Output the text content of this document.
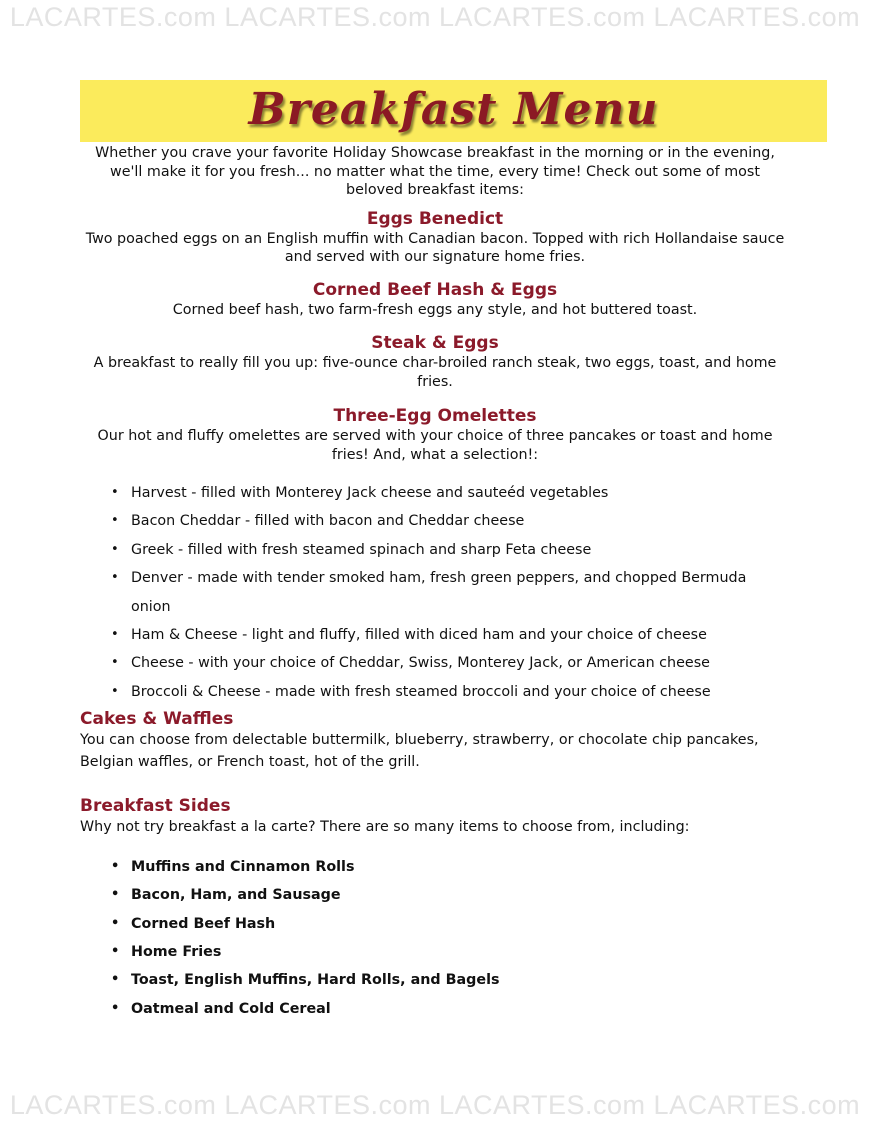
LACARTES.com LACARTES.com LACARTES.com LACARTES.com
Breakfast Menu

Whether you crave your favorite Holiday Showcase breakfast in the morning or in the evening, we'll make it for you fresh... no matter what the time, every time! Check out some of most beloved breakfast items:

Eggs Benedict

Two poached eggs on an English muffin with Canadian bacon. Topped with rich Hollandaise sauce and served with our signature home fries.

Corned Beef Hash & Eggs

Corned beef hash, two farm-fresh eggs any style, and hot buttered toast.

Steak & Eggs

A breakfast to really fill you up: five-ounce char-broiled ranch steak, two eggs, toast, and home fries.

Three-Egg Omelettes

Our hot and fluffy omelettes are served with your choice of three pancakes or toast and home fries! And, what a selection!:

• Harvest - filled with Monterey Jack cheese and sauteéd vegetables
• Bacon Cheddar - filled with bacon and Cheddar cheese
• Greek - filled with fresh steamed spinach and sharp Feta cheese
• Denver - made with tender smoked ham, fresh green peppers, and chopped Bermuda onion
• Ham & Cheese - light and fluffy, filled with diced ham and your choice of cheese
• Cheese - with your choice of Cheddar, Swiss, Monterey Jack, or American cheese
• Broccoli & Cheese - made with fresh steamed broccoli and your choice of cheese
Cakes & Waffles

You can choose from delectable buttermilk, blueberry, strawberry, or chocolate chip pancakes, Belgian waffles, or French toast, hot of the grill.

Breakfast Sides

Why not try breakfast a la carte? There are so many items to choose from, including:

• Muffins and Cinnamon Rolls
• Bacon, Ham, and Sausage
• Corned Beef Hash
• Home Fries
• Toast, English Muffins, Hard Rolls, and Bagels
• Oatmeal and Cold Cereal
LACARTES.com LACARTES.com LACARTES.com LACARTES.com
